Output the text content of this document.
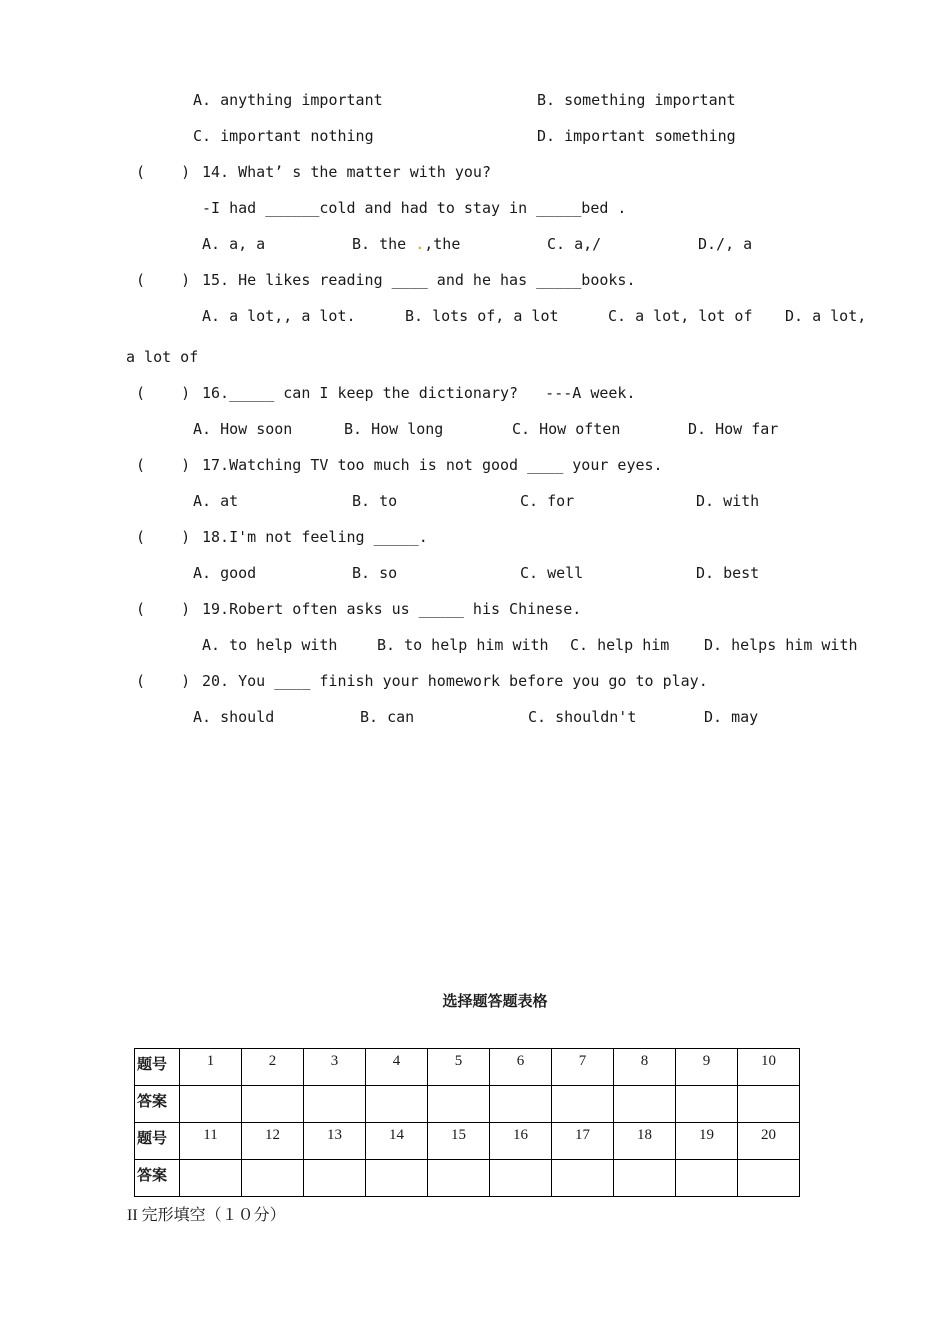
A. anything important	B. something important
C. important nothing	D. important something
(    ) 14. What’ s the matter with you?
-I had ______cold and had to stay in _____bed .
A. a, a	B. the .,the	C. a,/	D./, a
(    ) 15. He likes reading ____ and he has _____books.
A. a lot,, a lot.	B. lots of, a lot	C. a lot, lot of D. a lot,
a lot of
(    ) 16._____ can I keep the dictionary?   ---A week.
A. How soon	B. How long	C. How often	D. How far
(    ) 17.Watching TV too much is not good ____ your eyes.
A. at	B. to	C. for	D. with
(    ) 18.I'm not feeling _____.
A. good	B. so	C. well	D. best
(    ) 19.Robert often asks us _____ his Chinese.
A. to help with	B. to help him with C. help him D. helps him with
(    ) 20. You ____ finish your homework before you go to play.
A. should	B. can	C. shouldn't	D. may
选择题答题表格
题号	1	2	3	4	5	6	7	8	9	10
答案										
题号	11	12	13	14	15	16	17	18	19	20
答案										
II 完形填空（１０分）
